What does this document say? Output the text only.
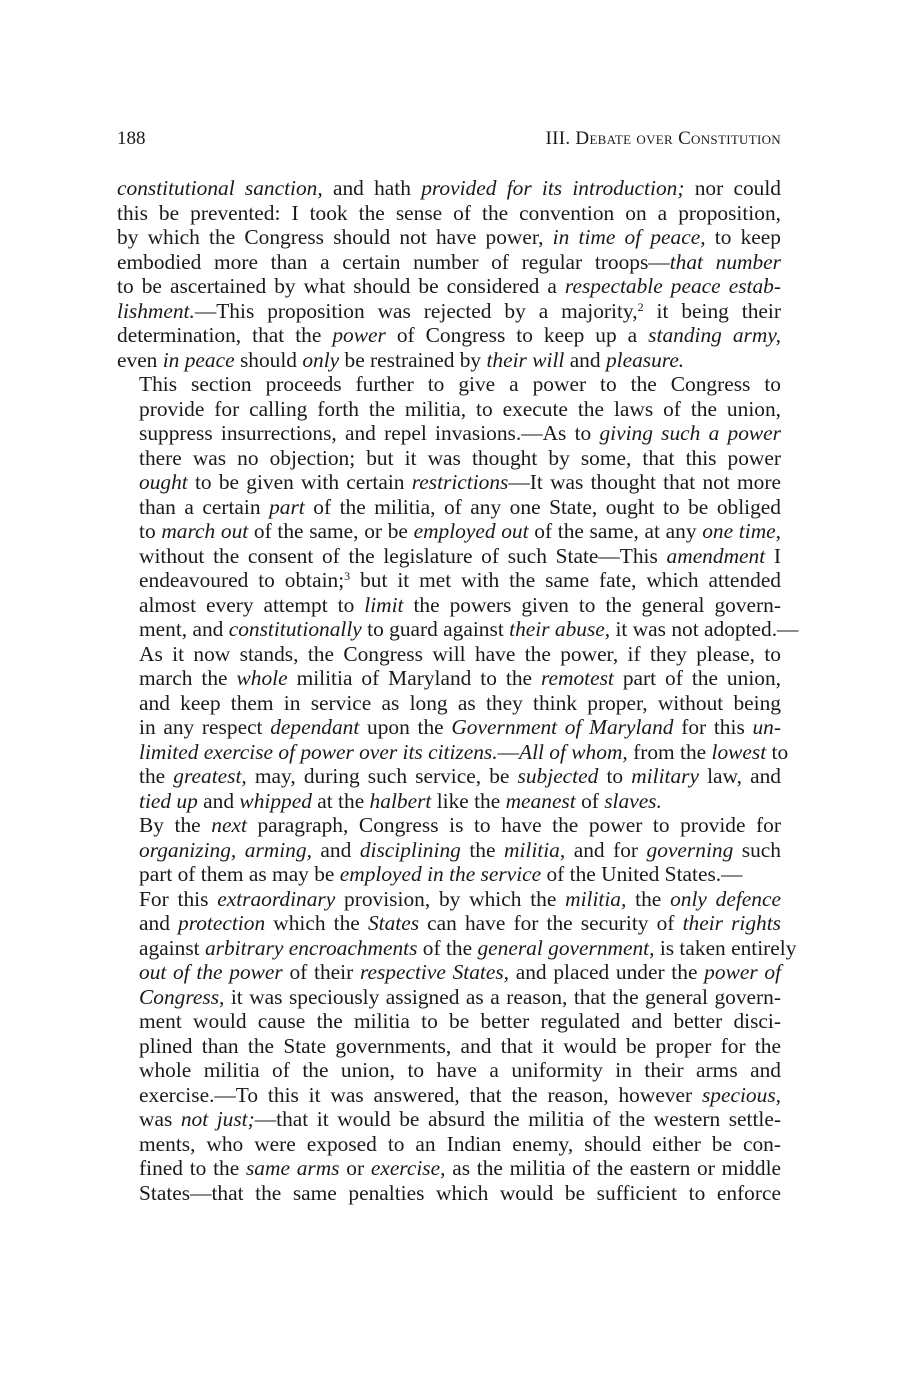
188	III. Debate over Constitution
constitutional sanction, and hath provided for its introduction; nor could
this be prevented: I took the sense of the convention on a proposition,
by which the Congress should not have power, in time of peace, to keep
embodied more than a certain number of regular troops—that number
to be ascertained by what should be considered a respectable peace estab-
lishment.—This proposition was rejected by a majority,$^2$ it being their
determination, that the power of Congress to keep up a standing army,
even in peace should only be restrained by their will and pleasure.
This section proceeds further to give a power to the Congress to
provide for calling forth the militia, to execute the laws of the union,
suppress insurrections, and repel invasions.—As to giving such a power
there was no objection; but it was thought by some, that this power
ought to be given with certain restrictions—It was thought that not more
than a certain part of the militia, of any one State, ought to be obliged
to march out of the same, or be employed out of the same, at any one time,
without the consent of the legislature of such State—This amendment I
endeavoured to obtain;$^3$ but it met with the same fate, which attended
almost every attempt to limit the powers given to the general govern-
ment, and constitutionally to guard against their abuse, it was not adopted.—
As it now stands, the Congress will have the power, if they please, to
march the whole militia of Maryland to the remotest part of the union,
and keep them in service as long as they think proper, without being
in any respect dependant upon the Government of Maryland for this un-
limited exercise of power over its citizens.—All of whom, from the lowest to
the greatest, may, during such service, be subjected to military law, and
tied up and whipped at the halbert like the meanest of slaves.
By the next paragraph, Congress is to have the power to provide for
organizing, arming, and disciplining the militia, and for governing such
part of them as may be employed in the service of the United States.—
For this extraordinary provision, by which the militia, the only defence
and protection which the States can have for the security of their rights
against arbitrary encroachments of the general government, is taken entirely
out of the power of their respective States, and placed under the power of
Congress, it was speciously assigned as a reason, that the general govern-
ment would cause the militia to be better regulated and better disci-
plined than the State governments, and that it would be proper for the
whole militia of the union, to have a uniformity in their arms and
exercise.—To this it was answered, that the reason, however specious,
was not just;—that it would be absurd the militia of the western settle-
ments, who were exposed to an Indian enemy, should either be con-
fined to the same arms or exercise, as the militia of the eastern or middle
States—that the same penalties which would be sufficient to enforce
